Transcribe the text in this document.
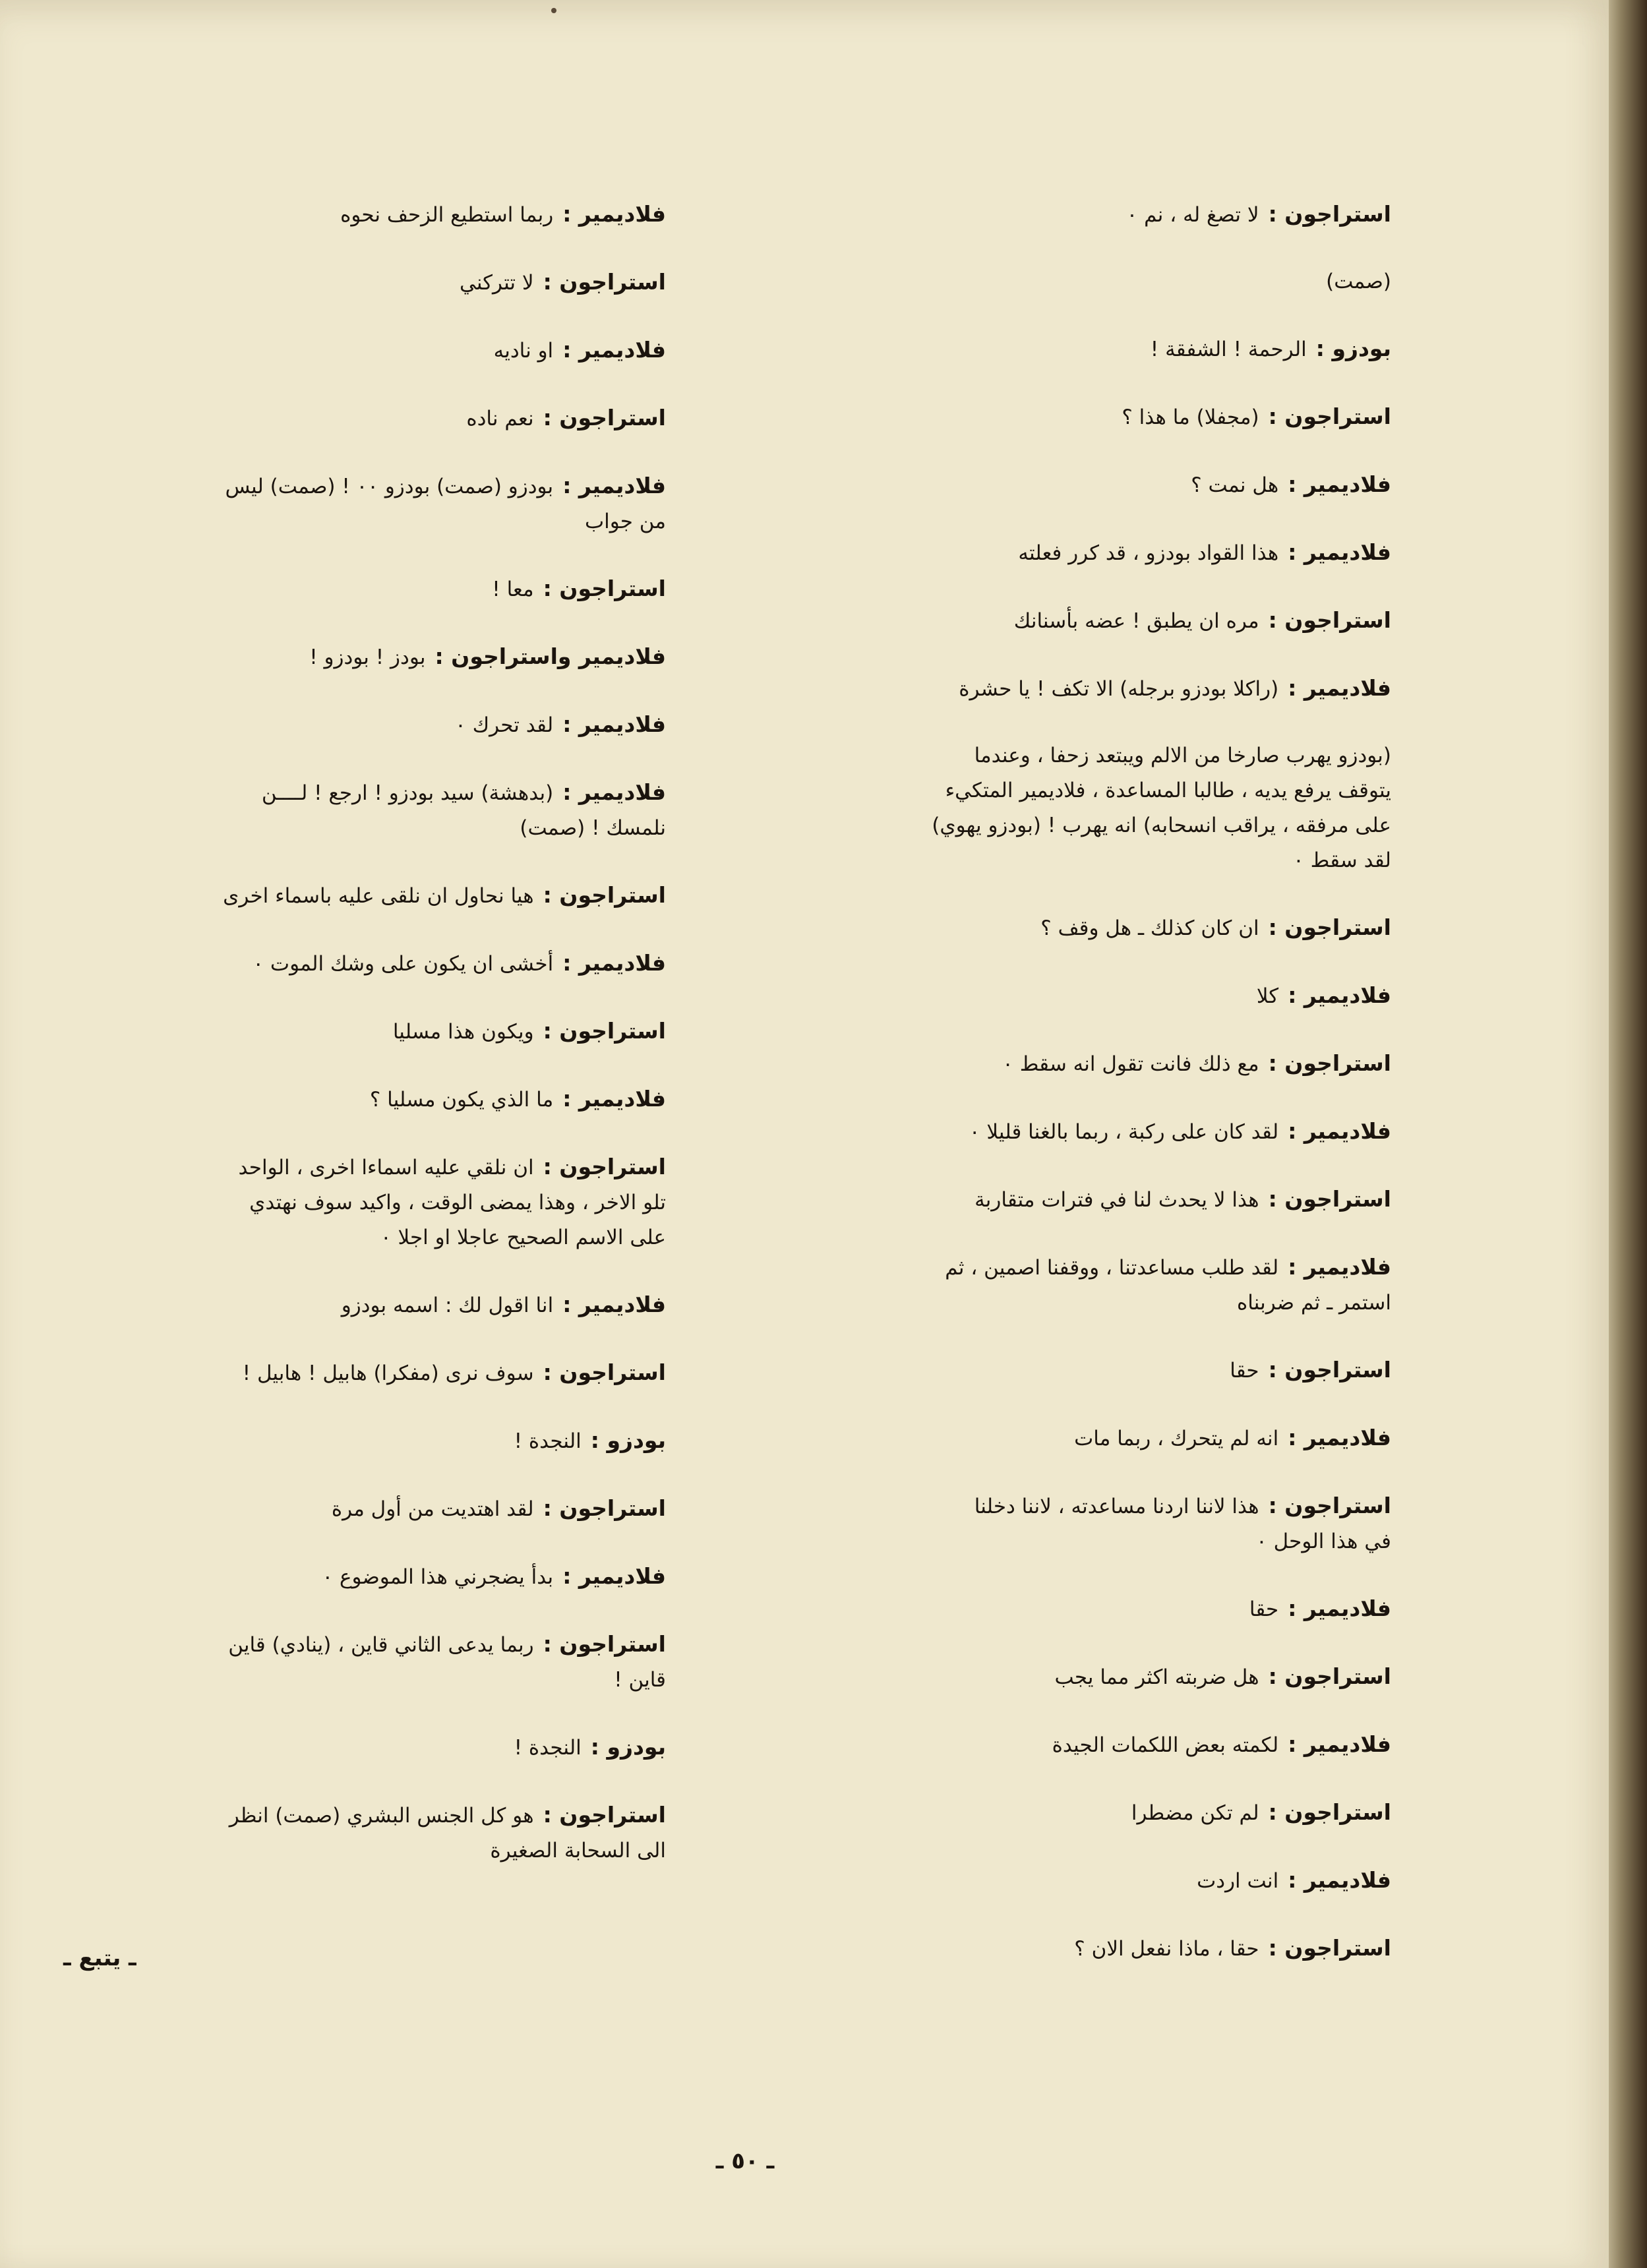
استراجون :لا تصغ له ، نم ٠

(صمت)

بودزو :الرحمة ! الشفقة !

استراجون :(مجفلا) ما هذا ؟

فلاديمير :هل نمت ؟

فلاديمير :هذا القواد بودزو ، قد كرر فعلته

استراجون :مره ان يطبق ! عضه بأسنانك

فلاديمير :(راكلا بودزو برجله) الا تكف ! يا حشرة

(بودزو يهرب صارخا من الالم ويبتعد زحفا ، وعندما

يتوقف يرفع يديه ، طالبا المساعدة ، فلاديمير المتكيء

على مرفقه ، يراقب انسحابه) انه يهرب ! (بودزو يهوي)

لقد سقط ٠

استراجون :ان كان كذلك ـ هل وقف ؟

فلاديمير :كلا

استراجون :مع ذلك فانت تقول انه سقط ٠

فلاديمير :لقد كان على ركبة ، ربما بالغنا قليلا ٠

استراجون :هذا لا يحدث لنا في فترات متقاربة

فلاديمير :لقد طلب مساعدتنا ، ووقفنا اصمين ، ثم

استمر ـ ثم ضربناه

استراجون :حقا

فلاديمير :انه لم يتحرك ، ربما مات

استراجون :هذا لاننا اردنا مساعدته ، لاننا دخلنا

في هذا الوحل ٠

فلاديمير :حقا

استراجون :هل ضربته اكثر مما يجب

فلاديمير :لكمته بعض اللكمات الجيدة

استراجون :لم تكن مضطرا

فلاديمير :انت اردت

استراجون :حقا ، ماذا نفعل الان ؟

فلاديمير :ربما استطيع الزحف نحوه

استراجون :لا تتركني

فلاديمير :او ناديه

استراجون :نعم ناده

فلاديمير :بودزو (صمت) بودزو ٠٠ ! (صمت) ليس

من جواب

استراجون :معا !

فلاديمير واستراجون :بودز ! بودزو !

فلاديمير :لقد تحرك ٠

فلاديمير :(بدهشة) سيد بودزو ! ارجع ! لــــن

نلمسك ! (صمت)

استراجون :هيا نحاول ان نلقى عليه باسماء اخرى

فلاديمير :أخشى ان يكون على وشك الموت ٠

استراجون :ويكون هذا مسليا

فلاديمير :ما الذي يكون مسليا ؟

استراجون :ان نلقي عليه اسماءا اخرى ، الواحد

تلو الاخر ، وهذا يمضى الوقت ، واكيد سوف نهتدي

على الاسم الصحيح عاجلا او اجلا ٠

فلاديمير :انا اقول لك : اسمه بودزو

استراجون :سوف نرى (مفكرا) هابيل ! هابيل !

بودزو :النجدة !

استراجون :لقد اهتديت من أول مرة

فلاديمير :بدأ يضجرني هذا الموضوع ٠

استراجون :ربما يدعى الثاني قاين ، (ينادي) قاين

قاين !

بودزو :النجدة !

استراجون :هو كل الجنس البشري (صمت) انظر

الى السحابة الصغيرة

ـ يتبع ـ
ـ ٥٠ ـ
